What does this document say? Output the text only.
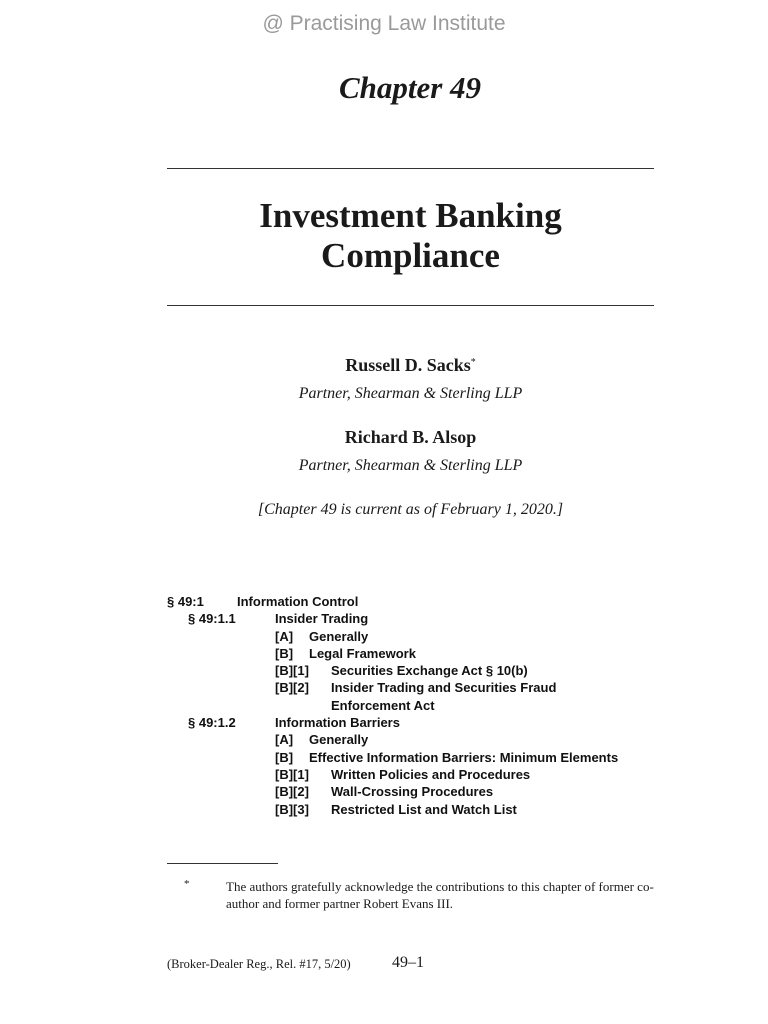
@ Practising Law Institute
Chapter 49
Investment Banking
Compliance
Russell D. Sacks*
Partner, Shearman & Sterling LLP
Richard B. Alsop
Partner, Shearman & Sterling LLP
[Chapter 49 is current as of February 1, 2020.]
§ 49:1	Information Control
§ 49:1.1	Insider Trading
[A] Generally
[B] Legal Framework
[B][1] Securities Exchange Act § 10(b)
[B][2] Insider Trading and Securities Fraud
Enforcement Act
§ 49:1.2	Information Barriers
[A] Generally
[B] Effective Information Barriers: Minimum Elements
[B][1] Written Policies and Procedures
[B][2] Wall-Crossing Procedures
[B][3] Restricted List and Watch List
*	The authors gratefully acknowledge the contributions to this chapter of former co-author and former partner Robert Evans III.
(Broker-Dealer Reg., Rel. #17, 5/20)	49–1
